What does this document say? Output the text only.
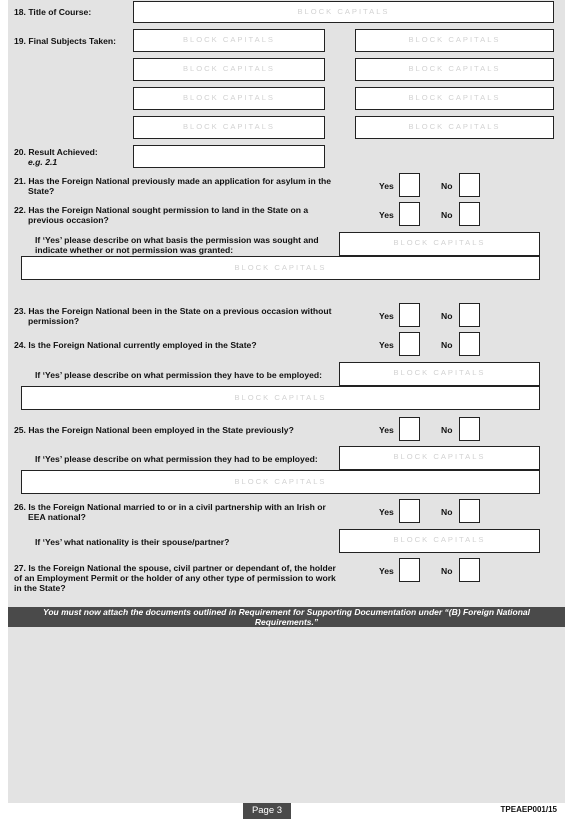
18. Title of Course:	BLOCK CAPITALS
19. Final Subjects Taken:	BLOCK CAPITALS	BLOCK CAPITALS
BLOCK CAPITALS	BLOCK CAPITALS
BLOCK CAPITALS	BLOCK CAPITALS
BLOCK CAPITALS	BLOCK CAPITALS
20. Result Achieved:
e.g. 2.1
21. Has the Foreign National previously made an application for asylum in the
State?	Yes	No
22. Has the Foreign National sought permission to land in the State on a
previous occasion?	Yes	No
If ‘Yes’ please describe on what basis the permission was sought and
indicate whether or not permission was granted:
BLOCK CAPITALS
BLOCK CAPITALS
23. Has the Foreign National been in the State on a previous occasion without
permission?	Yes	No
24. Is the Foreign National currently employed in the State?	Yes	No
If ‘Yes’ please describe on what permission they have to be employed:	BLOCK CAPITALS
BLOCK CAPITALS
25. Has the Foreign National been employed in the State previously?	Yes	No
If ‘Yes’ please describe on what permission they had to be employed:	BLOCK CAPITALS
BLOCK CAPITALS
26. Is the Foreign National married to or in a civil partnership with an Irish or
EEA national?	Yes	No
If ‘Yes’ what nationality is their spouse/partner?	BLOCK CAPITALS
27. Is the Foreign National the spouse, civil partner or dependant of, the holder
of an Employment Permit or the holder of any other type of permission to work
in the State?
Yes	No
You must now attach the documents outlined in Requirement for Supporting Documentation under “(B) Foreign National
Requirements.”
Page 3	TPEAEP001/15
